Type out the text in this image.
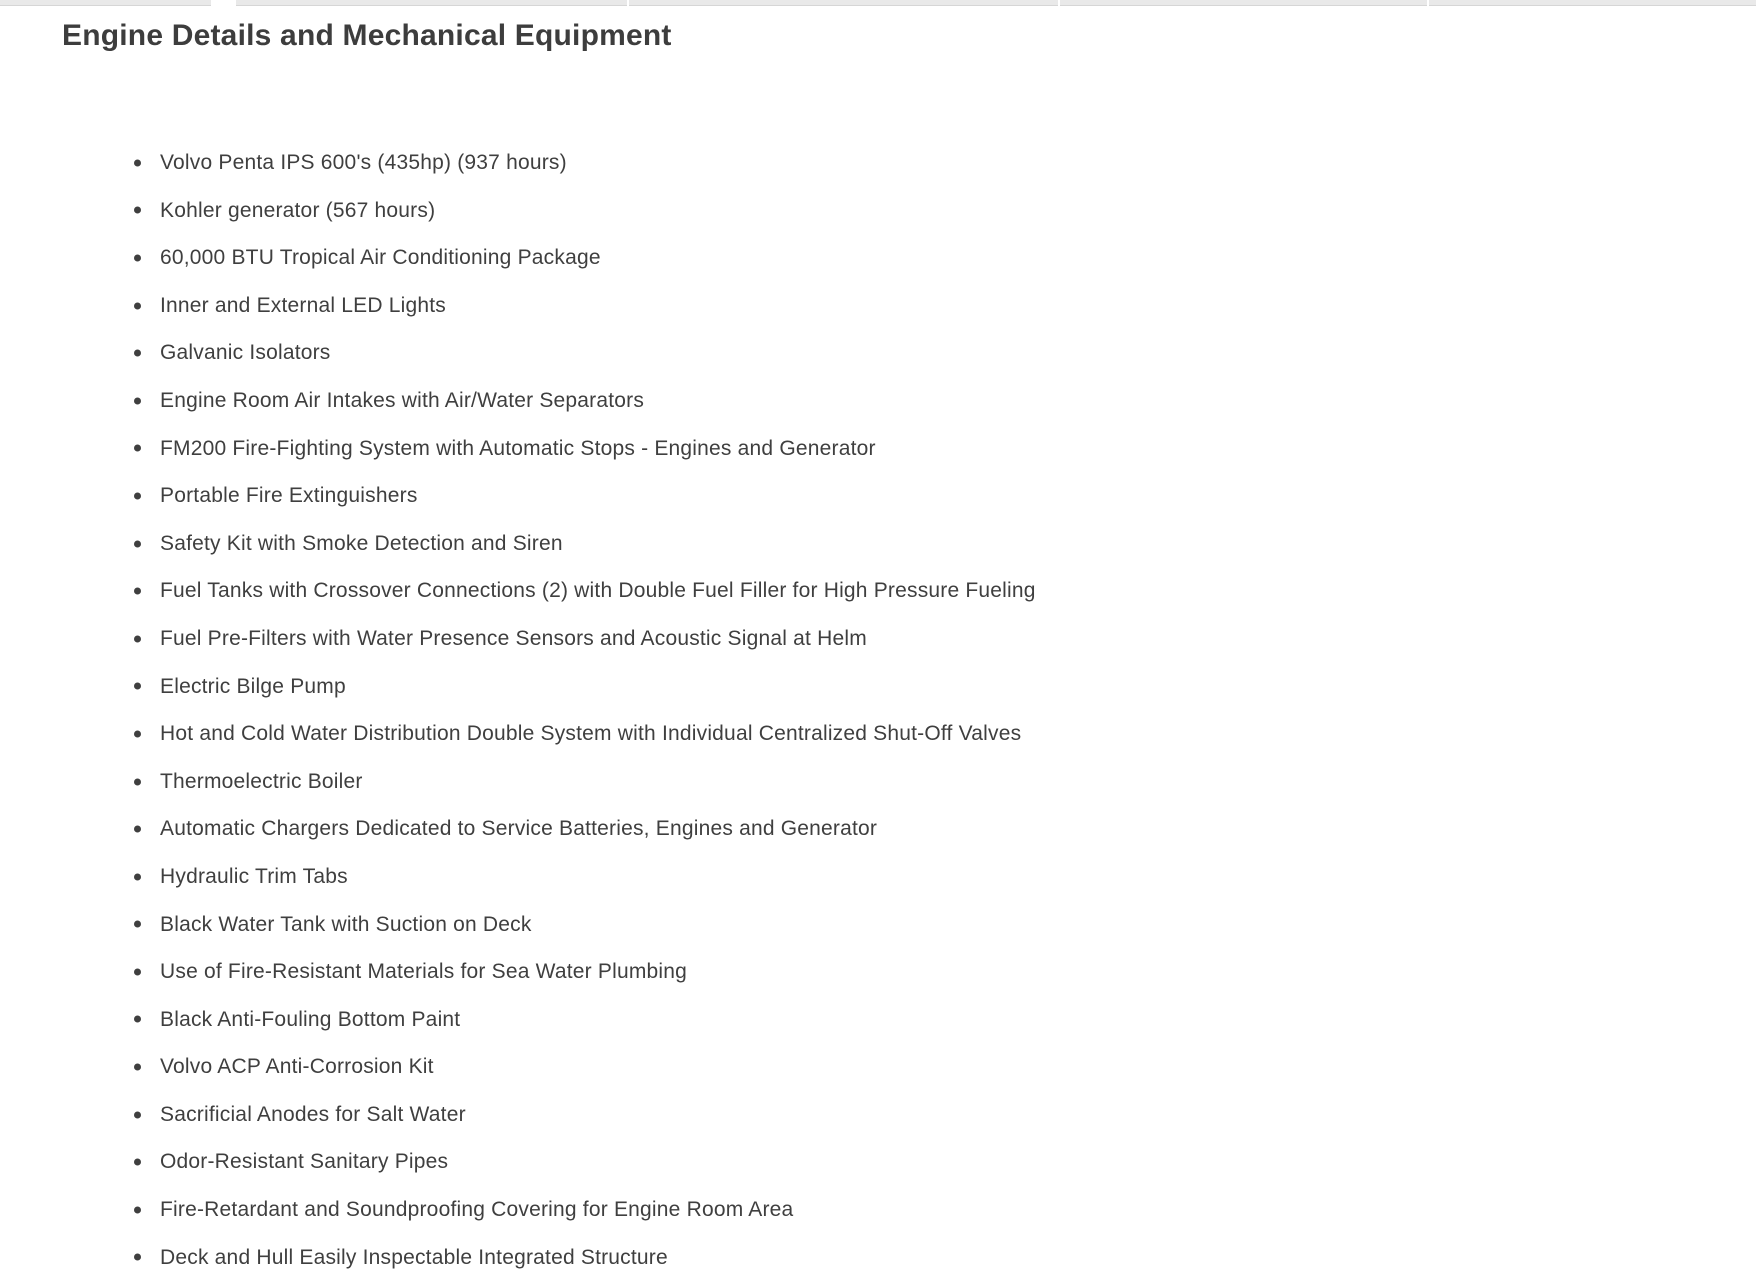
Engine Details and Mechanical Equipment
Volvo Penta IPS 600's (435hp) (937 hours)
Kohler generator (567 hours)
60,000 BTU Tropical Air Conditioning Package
Inner and External LED Lights
Galvanic Isolators
Engine Room Air Intakes with Air/Water Separators
FM200 Fire-Fighting System with Automatic Stops - Engines and Generator
Portable Fire Extinguishers
Safety Kit with Smoke Detection and Siren
Fuel Tanks with Crossover Connections (2) with Double Fuel Filler for High Pressure Fueling
Fuel Pre-Filters with Water Presence Sensors and Acoustic Signal at Helm
Electric Bilge Pump
Hot and Cold Water Distribution Double System with Individual Centralized Shut-Off Valves
Thermoelectric Boiler
Automatic Chargers Dedicated to Service Batteries, Engines and Generator
Hydraulic Trim Tabs
Black Water Tank with Suction on Deck
Use of Fire-Resistant Materials for Sea Water Plumbing
Black Anti-Fouling Bottom Paint
Volvo ACP Anti-Corrosion Kit
Sacrificial Anodes for Salt Water
Odor-Resistant Sanitary Pipes
Fire-Retardant and Soundproofing Covering for Engine Room Area
Deck and Hull Easily Inspectable Integrated Structure
